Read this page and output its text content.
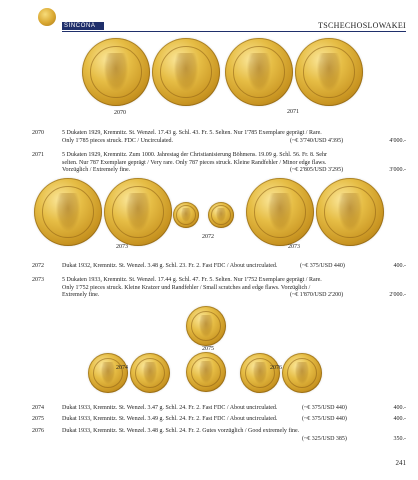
SINCONA	TSCHECHOSLOWAKEI
2070	2071
2070	5 Dukaten 1929, Kremnitz. St. Wenzel. 17.43 g. Schl. 43. Fr. 5. Selten. Nur 1'785 Exemplare geprägt / Rare.
Only 1'785 pieces struck. FDC / Uncirculated.	(~€ 3'740/USD 4'395)	4'000.-
2071	5 Dukaten 1929, Kremnitz. Zum 1000. Jahrestag der Christianisierung Böhmens. 19.09 g. Schl. 56. Fr. 8. Sehr
selten. Nur 787 Exemplare geprägt / Very rare. Only 787 pieces struck. Kleine Randfehler / Minor edge flaws.
Vorzüglich / Extremely fine.	(~€ 2'805/USD 3'295)	3'000.-
2072
2073	2073
2072	Dukat 1932, Kremnitz. St. Wenzel. 3.48 g. Schl. 23. Fr. 2. Fast FDC / About uncirculated.	(~€ 375/USD 440)	400.-
2073	5 Dukaten 1933, Kremnitz. St. Wenzel. 17.44 g. Schl. 47. Fr. 5. Selten. Nur 1'752 Exemplare geprägt / Rare.
Only 1'752 pieces struck. Kleine Kratzer und Randfehler / Small scratches and edge flaws. Vorzüglich /
Extremely fine.	(~€ 1'870/USD 2'200)	2'000.-
2075
2074	2076
2074	Dukat 1933, Kremnitz. St. Wenzel. 3.47 g. Schl. 24. Fr. 2. Fast FDC / About uncirculated.	(~€ 375/USD 440)	400.-
2075	Dukat 1933, Kremnitz. St. Wenzel. 3.49 g. Schl. 24. Fr. 2. Fast FDC / About uncirculated.	(~€ 375/USD 440)	400.-
2076	Dukat 1933, Kremnitz. St. Wenzel. 3.48 g. Schl. 24. Fr. 2. Gutes vorzüglich / Good extremely fine.
(~€ 325/USD 385)	350.-
241
